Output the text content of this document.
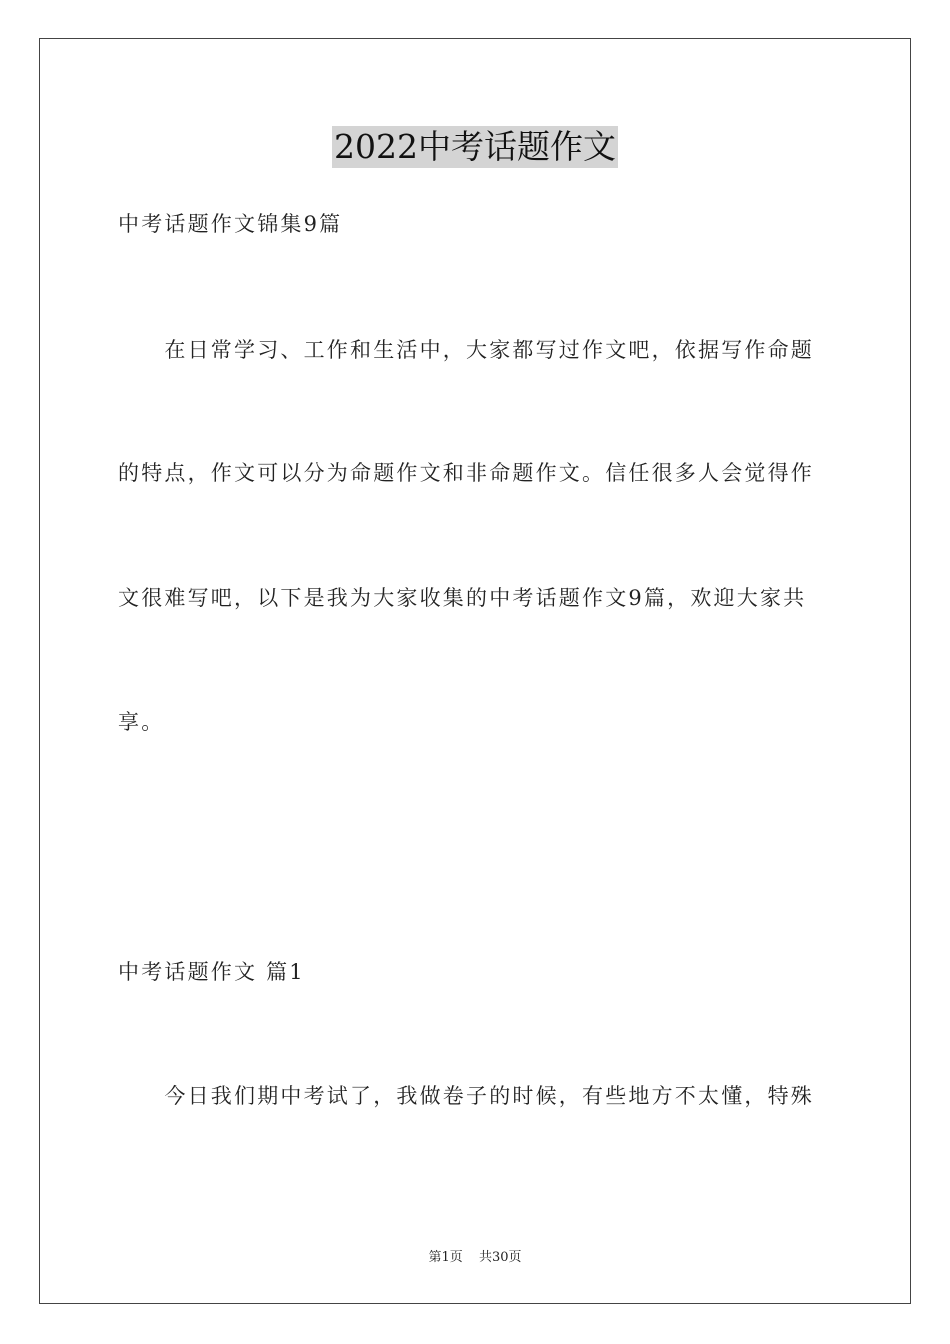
2022中考话题作文
中考话题作文锦集9篇
　　在日常学习、工作和生活中，大家都写过作文吧，依据写作命题
的特点，作文可以分为命题作文和非命题作文。信任很多人会觉得作
文很难写吧，以下是我为大家收集的中考话题作文9篇，欢迎大家共
享。
中考话题作文 篇1
　　今日我们期中考试了，我做卷子的时候，有些地方不太懂，特殊
第1页 共30页
